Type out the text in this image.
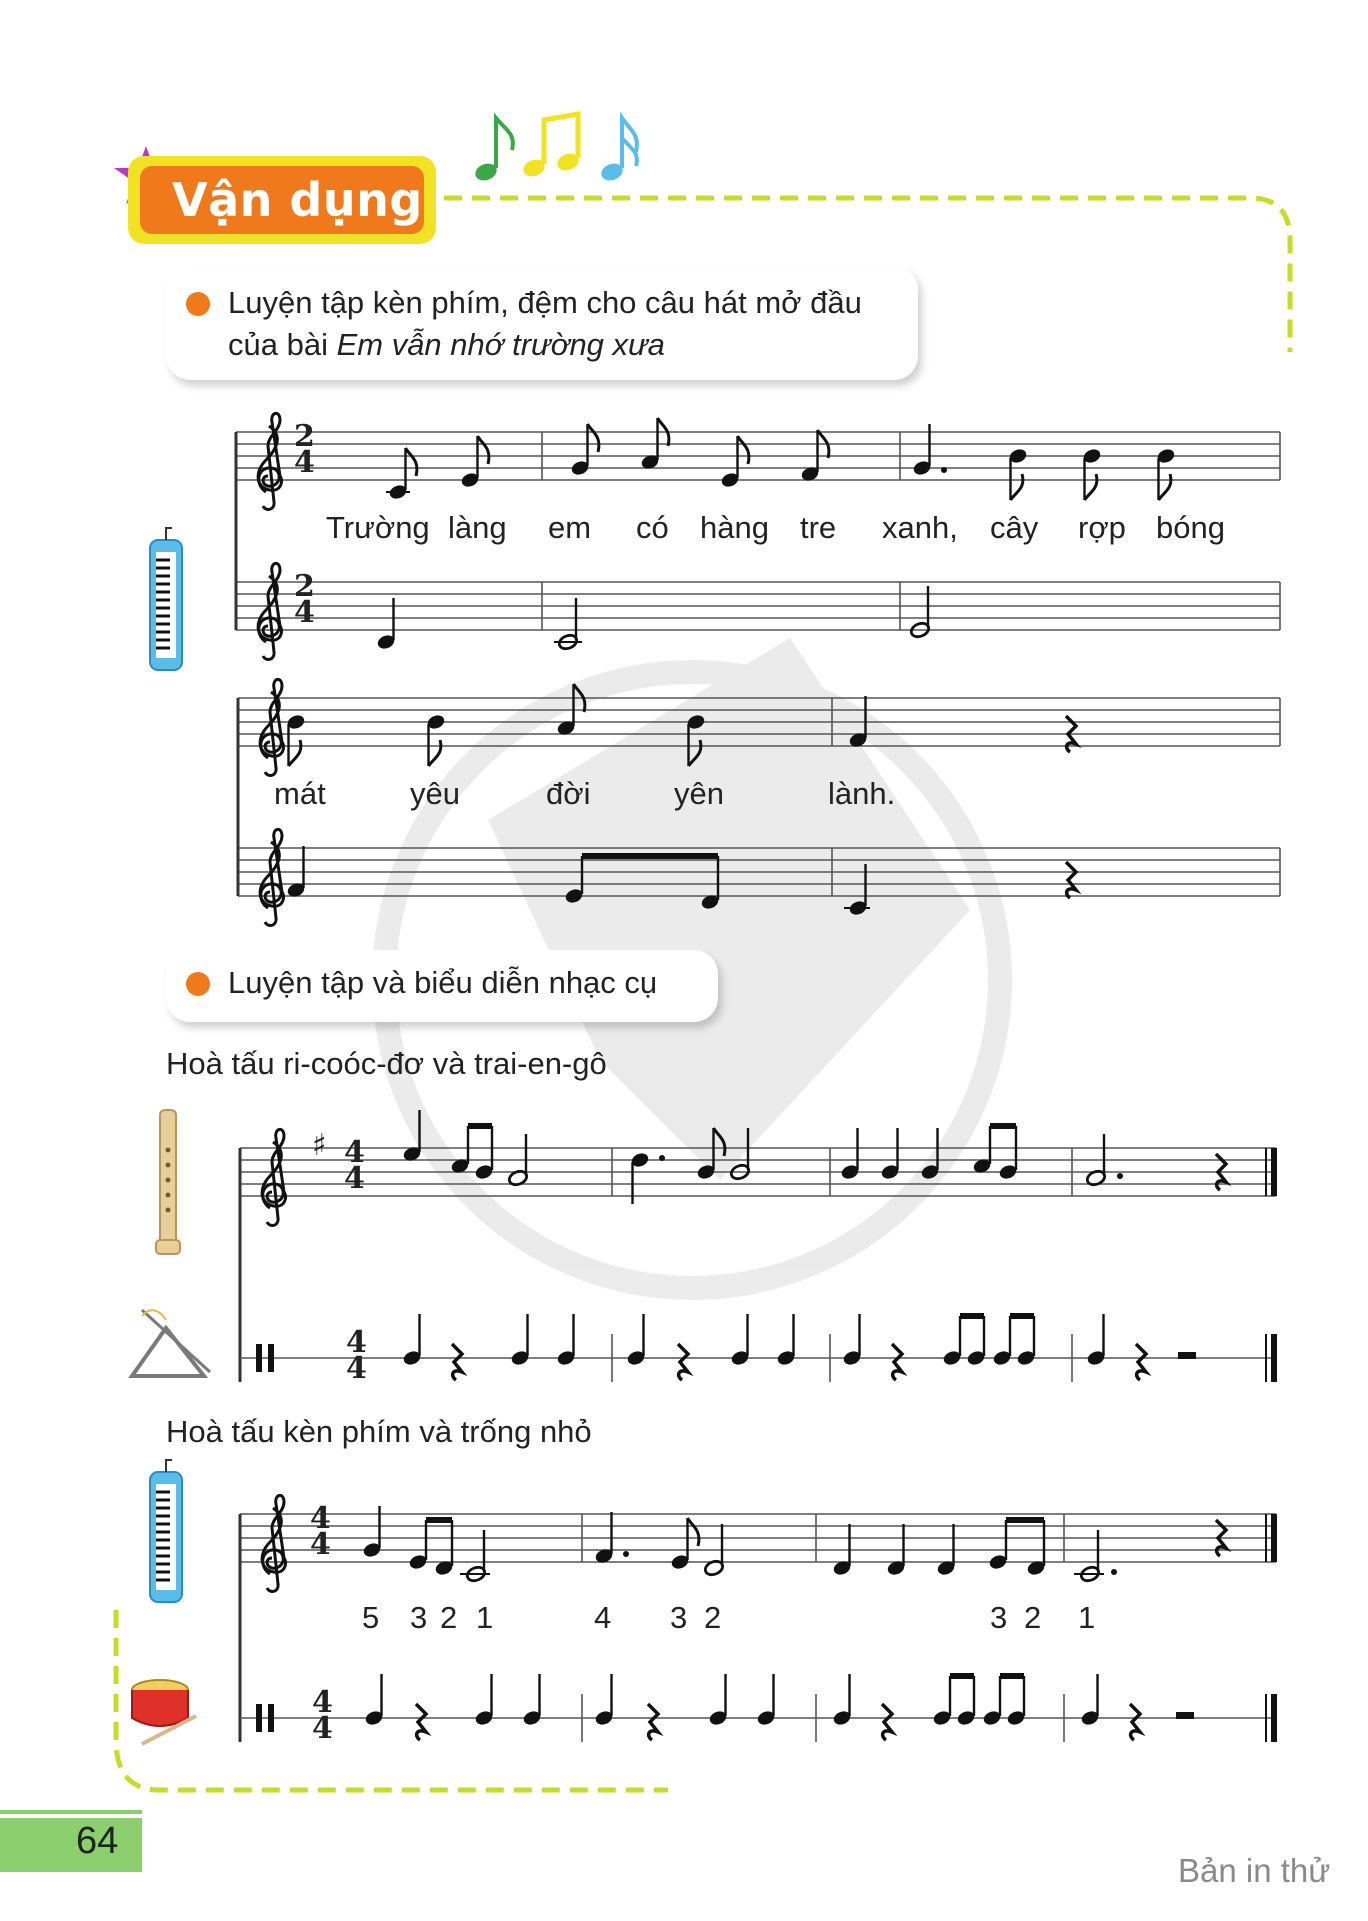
Vận dụng
Luyện tập kèn phím, đệm cho câu hát mở đầu
của bài Em vẫn nhớ trường xưa
2
4
2
4
Trường làng em có hàng tre xanh, cây rợp bóng
mát	yêu	đời	yên	lành.
Luyện tập và biểu diễn nhạc cụ
Hoà tấu ri-coóc-đơ và trai-en-gô
Hoà tấu kèn phím và trống nhỏ
♯ 4
4
4
4
4
4
4
4
5 3 2 1	4 3 2	3 2 1
64
Bản in thử
